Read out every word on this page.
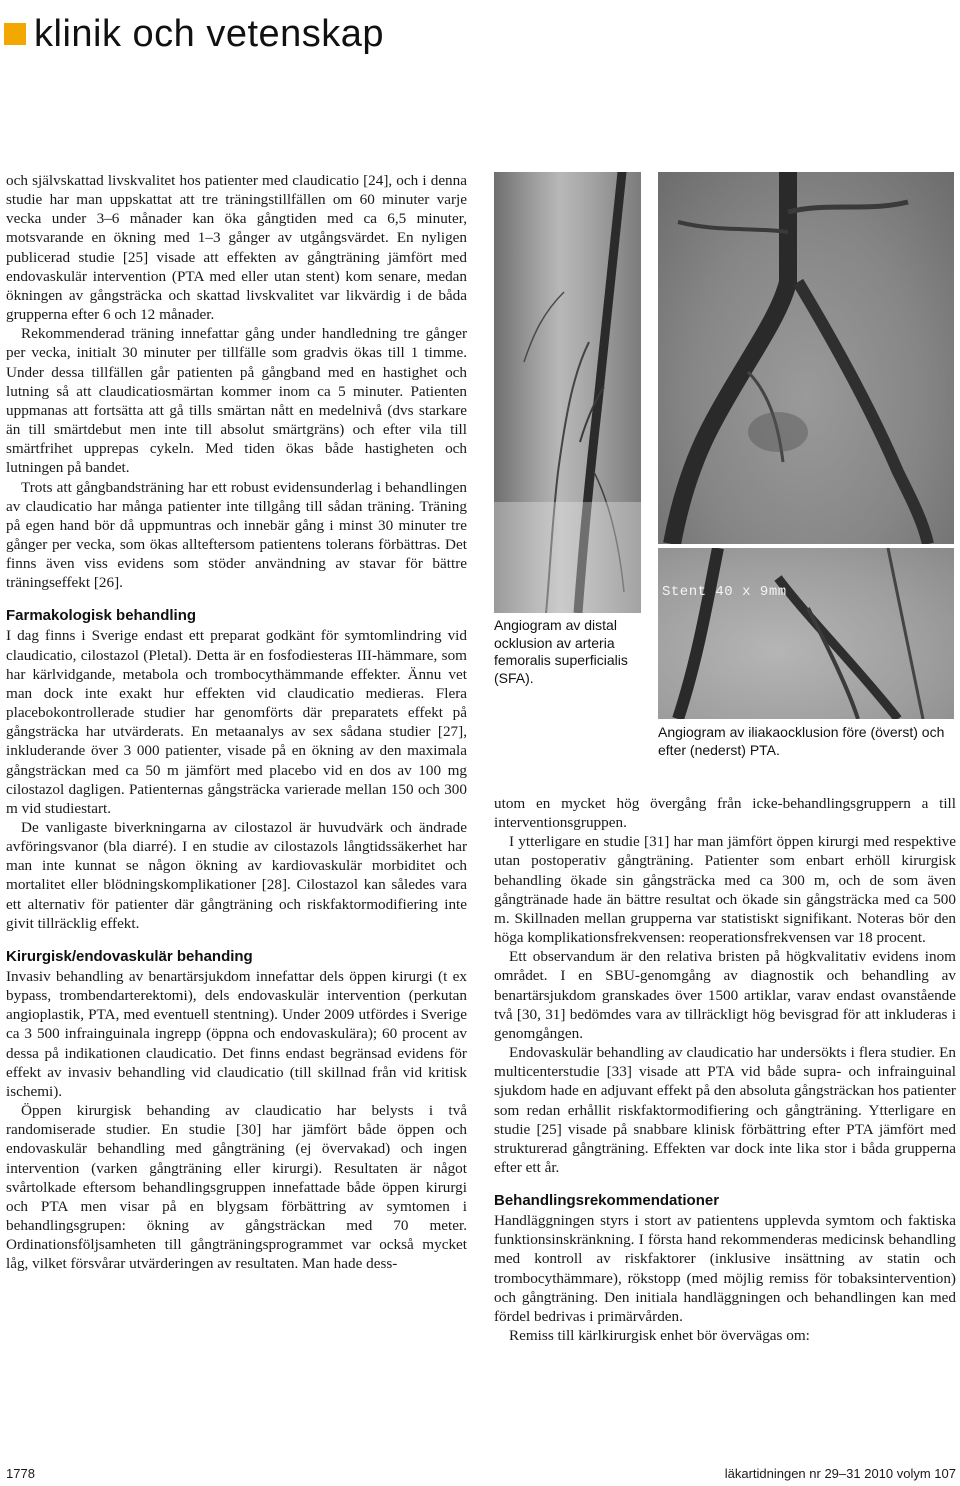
klinik och vetenskap

och självskattad livskvalitet hos patienter med claudicatio [24], och i denna studie har man uppskattat att tre träningstillfällen om 60 minuter varje vecka under 3–6 månader kan öka gångtiden med ca 6,5 minuter, motsvarande en ökning med 1–3 gånger av utgångsvärdet. En nyligen publicerad studie [25] visade att effekten av gångträning jämfört med endovaskulär intervention (PTA med eller utan stent) kom senare, medan ökningen av gångsträcka och skattad livskvalitet var likvärdig i de båda grupperna efter 6 och 12 månader.

Rekommenderad träning innefattar gång under handledning tre gånger per vecka, initialt 30 minuter per tillfälle som gradvis ökas till 1 timme. Under dessa tillfällen går patienten på gångband med en hastighet och lutning så att claudicatiosmärtan kommer inom ca 5 minuter. Patienten uppmanas att fortsätta att gå tills smärtan nått en medelnivå (dvs starkare än till smärtdebut men inte till absolut smärtgräns) och efter vila till smärtfrihet upprepas cykeln. Med tiden ökas både hastigheten och lutningen på bandet.

Trots att gångbandsträning har ett robust evidensunderlag i behandlingen av claudicatio har många patienter inte tillgång till sådan träning. Träning på egen hand bör då uppmuntras och innebär gång i minst 30 minuter tre gånger per vecka, som ökas allteftersom patientens tolerans förbättras. Det finns även viss evidens som stöder användning av stavar för bättre träningseffekt [26].

Farmakologisk behandling

I dag finns i Sverige endast ett preparat godkänt för symtomlindring vid claudicatio, cilostazol (Pletal). Detta är en fosfodiesteras III-hämmare, som har kärlvidgande, metabola och trombocythämmande effekter. Ännu vet man dock inte exakt hur effekten vid claudicatio medieras. Flera placebokontrollerade studier har genomförts där preparatets effekt på gångsträcka har utvärderats. En metaanalys av sex sådana studier [27], inkluderande över 3 000 patienter, visade på en ökning av den maximala gångsträckan med ca 50 m jämfört med placebo vid en dos av 100 mg cilostazol dagligen. Patienternas gångsträcka varierade mellan 150 och 300 m vid studiestart.

De vanligaste biverkningarna av cilostazol är huvudvärk och ändrade avföringsvanor (bla diarré). I en studie av cilostazols långtidssäkerhet har man inte kunnat se någon ökning av kardiovaskulär morbiditet och mortalitet eller blödningskomplikationer [28]. Cilostazol kan således vara ett alternativ för patienter där gångträning och riskfaktormodifiering inte givit tillräcklig effekt.

Kirurgisk/endovaskulär behanding

Invasiv behandling av benartärsjukdom innefattar dels öppen kirurgi (t ex bypass, trombendarterektomi), dels endovaskulär intervention (perkutan angioplastik, PTA, med eventuell stentning). Under 2009 utfördes i Sverige ca 3 500 infrainguinala ingrepp (öppna och endovaskulära); 60 procent av dessa på indikationen claudicatio. Det finns endast begränsad evidens för effekt av invasiv behandling vid claudicatio (till skillnad från vid kritisk ischemi).

Öppen kirurgisk behanding av claudicatio har belysts i två randomiserade studier. En studie [30] har jämfört både öppen och endovaskulär behandling med gångträning (ej övervakad) och ingen intervention (varken gångträning eller kirurgi). Resultaten är något svårtolkade eftersom behandlingsgruppen innefattade både öppen kirurgi och PTA men visar på en blygsam förbättring av symtomen i behandlingsgrupen: ökning av gångsträckan med 70 meter. Ordinationsföljsamheten till gångträningsprogrammet var också mycket låg, vilket försvårar utvärderingen av resultaten. Man hade dess-

Angiogram av distal ocklusion av arteria femoralis superficialis (SFA).
Stent 40 x 9mm
Angiogram av iliakaocklusion före (överst) och efter (nederst) PTA.

utom en mycket hög övergång från icke-behandlingsgruppern a till interventionsgruppen.

I ytterligare en studie [31] har man jämfört öppen kirurgi med respektive utan postoperativ gångträning. Patienter som enbart erhöll kirurgisk behandling ökade sin gångsträcka med ca 300 m, och de som även gångtränade hade än bättre resultat och ökade sin gångsträcka med ca 500 m. Skillnaden mellan grupperna var statistiskt signifikant. Noteras bör den höga komplikationsfrekvensen: reoperationsfrekvensen var 18 procent.

Ett observandum är den relativa bristen på högkvalitativ evidens inom området. I en SBU-genomgång av diagnostik och behandling av benartärsjukdom granskades över 1500 artiklar, varav endast ovanstående två [30, 31] bedömdes vara av tillräckligt hög bevisgrad för att inkluderas i genomgången.

Endovaskulär behandling av claudicatio har undersökts i flera studier. En multicenterstudie [33] visade att PTA vid både supra- och infrainguinal sjukdom hade en adjuvant effekt på den absoluta gångsträckan hos patienter som redan erhållit riskfaktormodifiering och gångträning. Ytterligare en studie [25] visade på snabbare klinisk förbättring efter PTA jämfört med strukturerad gångträning. Effekten var dock inte lika stor i båda grupperna efter ett år.

Behandlingsrekommendationer

Handläggningen styrs i stort av patientens upplevda symtom och faktiska funktionsinskränkning. I första hand rekommenderas medicinsk behandling med kontroll av riskfaktorer (inklusive insättning av statin och trombocythämmare), rökstopp (med möjlig remiss för tobaksintervention) och gångträning. Den initiala handläggningen och behandlingen kan med fördel bedrivas i primärvården.

Remiss till kärlkirurgisk enhet bör övervägas om:

1778	läkartidningen nr 29–31 2010 volym 107
